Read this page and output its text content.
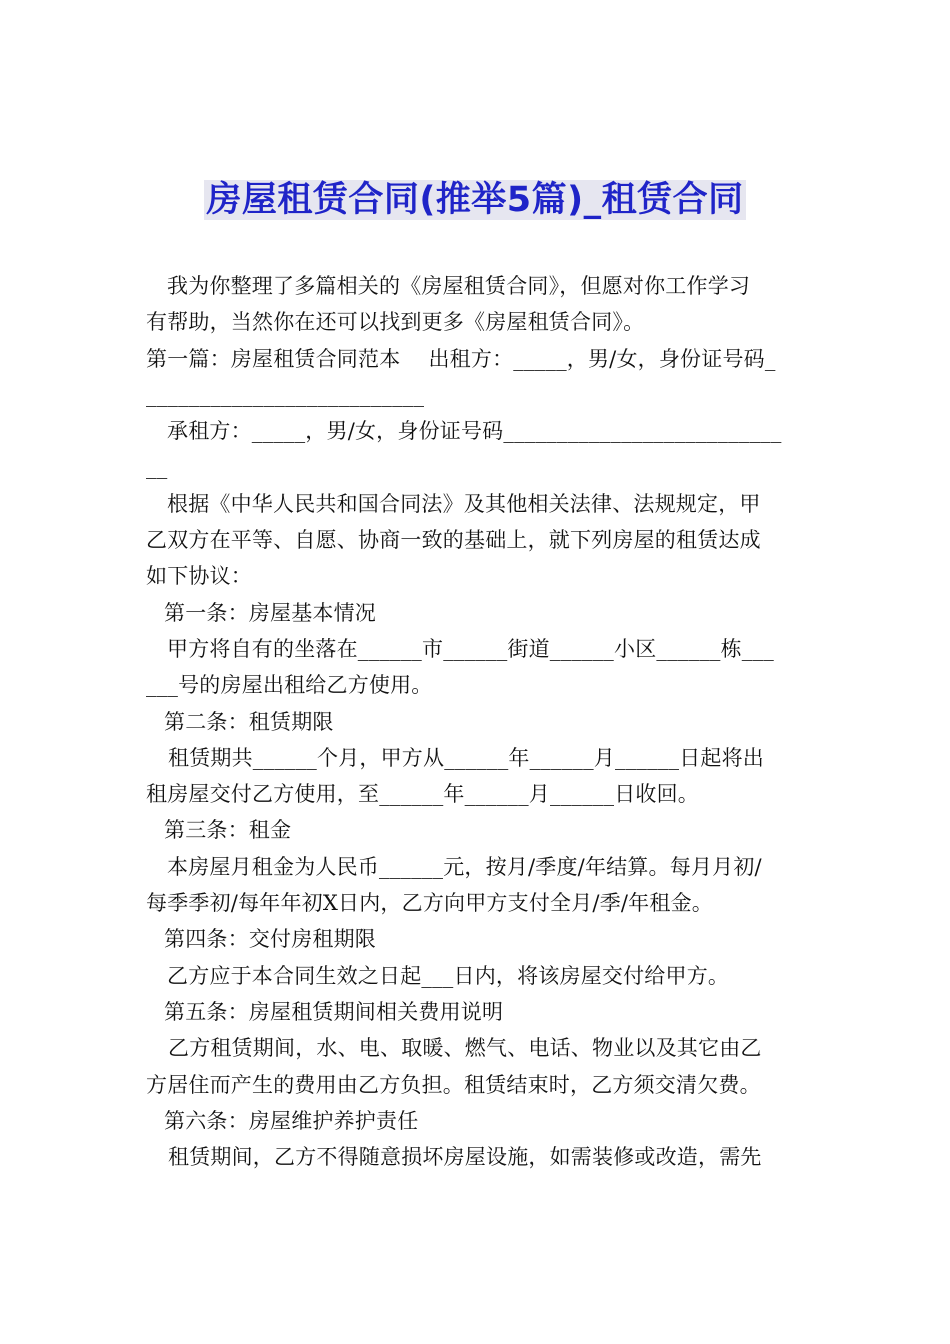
房屋租赁合同(推举5篇)_租赁合同
我为你整理了多篇相关的《房屋租赁合同》，但愿对你工作学习
有帮助，当然你在还可以找到更多《房屋租赁合同》。
第一篇：房屋租赁合同范本　 出租方：_____，男/女，身份证号码_
__________________________
承租方：_____，男/女，身份证号码__________________________
__
根据《中华人民共和国合同法》及其他相关法律、法规规定，甲
乙双方在平等、自愿、协商一致的基础上，就下列房屋的租赁达成
如下协议：
第一条：房屋基本情况
甲方将自有的坐落在______市______街道______小区______栋___
___号的房屋出租给乙方使用。
第二条：租赁期限
租赁期共______个月，甲方从______年______月______日起将出
租房屋交付乙方使用，至______年______月______日收回。
第三条：租金
本房屋月租金为人民币______元，按月/季度/年结算。每月月初/
每季季初/每年年初X日内，乙方向甲方支付全月/季/年租金。
第四条：交付房租期限
乙方应于本合同生效之日起___日内，将该房屋交付给甲方。
第五条：房屋租赁期间相关费用说明
乙方租赁期间，水、电、取暖、燃气、电话、物业以及其它由乙
方居住而产生的费用由乙方负担。租赁结束时，乙方须交清欠费。
第六条：房屋维护养护责任
租赁期间，乙方不得随意损坏房屋设施，如需装修或改造，需先
